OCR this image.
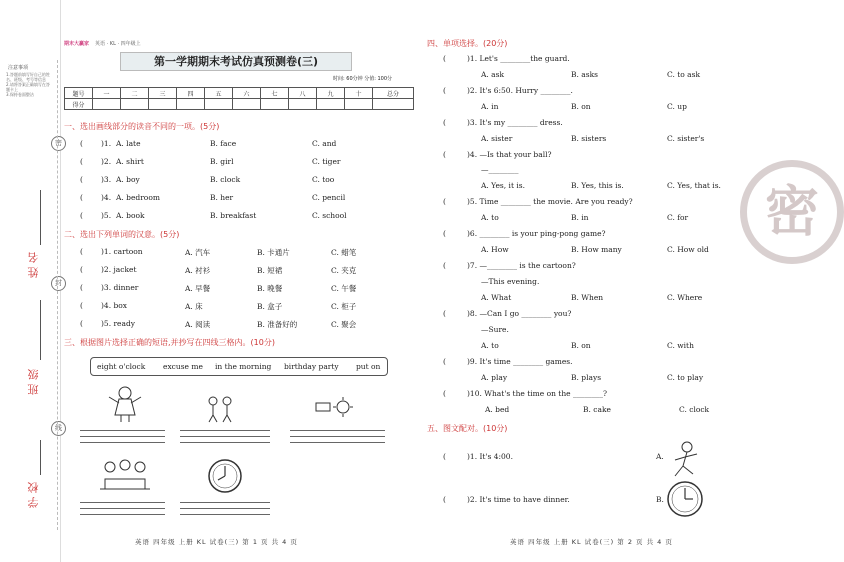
注意事项
1.答题前填写好自己的姓名、班级、考号等信息
2.请将答案正确填写在答题卡上
3.保持卷面整洁
密
封
线
姓名
班级
学校
期末大赢家 英语 · KL · 四年级上
第一学期期末考试仿真预测卷(三)
时间: 60分钟 分值: 100分
题号	一	二	三	四	五	六	七	八	九	十	总分
得分											
一、选出画线部分的读音不同的一项。(5分)
( )1. A. late	B. face	C. and
( )2. A. shirt	B. girl	C. tiger
( )3. A. boy	B. clock	C. too
( )4. A. bedroom	B. her	C. pencil
( )5. A. book	B. breakfast	C. school
二、选出下列单词的汉意。(5分)
( )1. cartoon	A. 汽车	B. 卡通片	C. 蜡笔
( )2. jacket	A. 衬衫	B. 短裙	C. 夹克
( )3. dinner	A. 早餐	B. 晚餐	C. 午餐
( )4. box	A. 床	B. 盒子	C. 柜子
( )5. ready	A. 阅读	B. 准备好的	C. 聚会
三、根据图片选择正确的短语,并抄写在四线三格内。(10分)
eight o'clock excuse me in the morning birthday party put on
英语 四年级 上册 KL 试卷(三) 第 1 页 共 4 页
四、单项选择。(20分)
(	)1. Let's ________the guard.
A. ask	B. asks	C. to ask
(	)2. It's 6:50. Hurry ________.
A. in	B. on	C. up
(	)3. It's my ________ dress.
A. sister	B. sisters	C. sister's
(	)4. —Is that your ball?
—________
A. Yes, it is.	B. Yes, this is.	C. Yes, that is.
(	)5. Time ________ the movie. Are you ready?
A. to	B. in	C. for
(	)6. ________ is your ping-pong game?
A. How	B. How many	C. How old
(	)7. —________ is the cartoon?
—This evening.
A. What	B. When	C. Where
(	)8. —Can I go ________ you?
—Sure.
A. to	B. on	C. with
(	)9. It's time ________ games.
A. play	B. plays	C. to play
(	)10. What's the time on the ________?
A. bed	B. cake	C. clock
五、图文配对。(10分)
(	)1. It's 4:00.	A.
(	)2. It's time to have dinner.	B.
英语 四年级 上册 KL 试卷(三) 第 2 页 共 4 页
密
